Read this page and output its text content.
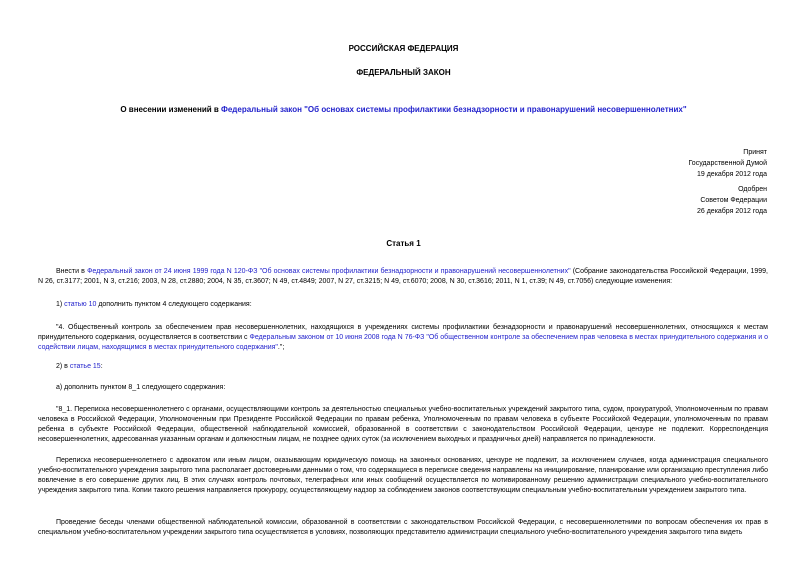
РОССИЙСКАЯ ФЕДЕРАЦИЯ
ФЕДЕРАЛЬНЫЙ ЗАКОН
О внесении изменений в Федеральный закон "Об основах системы профилактики безнадзорности и правонарушений несовершеннолетних"
Принят
Государственной Думой
19 декабря 2012 года
Одобрен
Советом Федерации
26 декабря 2012 года
Статья 1
Внести в Федеральный закон от 24 июня 1999 года N 120-ФЗ "Об основах системы профилактики безнадзорности и правонарушений несовершеннолетних" (Собрание законодательства Российской Федерации, 1999, N 26, ст.3177; 2001, N 3, ст.216; 2003, N 28, ст.2880; 2004, N 35, ст.3607; N 49, ст.4849; 2007, N 27, ст.3215; N 49, ст.6070; 2008, N 30, ст.3616; 2011, N 1, ст.39; N 49, ст.7056) следующие изменения:
1) статью 10 дополнить пунктом 4 следующего содержания:
"4. Общественный контроль за обеспечением прав несовершеннолетних, находящихся в учреждениях системы профилактики безнадзорности и правонарушений несовершеннолетних, относящихся к местам принудительного содержания, осуществляется в соответствии с Федеральным законом от 10 июня 2008 года N 76-ФЗ "Об общественном контроле за обеспечением прав человека в местах принудительного содержания и о содействии лицам, находящимся в местах принудительного содержания".";
2) в статье 15:
а) дополнить пунктом 8_1 следующего содержания:
"8_1. Переписка несовершеннолетнего с органами, осуществляющими контроль за деятельностью специальных учебно-воспитательных учреждений закрытого типа, судом, прокуратурой, Уполномоченным по правам человека в Российской Федерации, Уполномоченным при Президенте Российской Федерации по правам ребенка, Уполномоченным по правам человека в субъекте Российской Федерации, уполномоченным по правам ребенка в субъекте Российской Федерации, общественной наблюдательной комиссией, образованной в соответствии с законодательством Российской Федерации, цензуре не подлежит. Корреспонденция несовершеннолетних, адресованная указанным органам и должностным лицам, не позднее одних суток (за исключением выходных и праздничных дней) направляется по принадлежности.
Переписка несовершеннолетнего с адвокатом или иным лицом, оказывающим юридическую помощь на законных основаниях, цензуре не подлежит, за исключением случаев, когда администрация специального учебно-воспитательного учреждения закрытого типа располагает достоверными данными о том, что содержащиеся в переписке сведения направлены на инициирование, планирование или организацию преступления либо вовлечение в его совершение других лиц. В этих случаях контроль почтовых, телеграфных или иных сообщений осуществляется по мотивированному решению администрации специального учебно-воспитательного учреждения закрытого типа. Копии такого решения направляется прокурору, осуществляющему надзор за соблюдением законов соответствующим специальным учебно-воспитательным учреждением закрытого типа.
Проведение беседы членами общественной наблюдательной комиссии, образованной в соответствии с законодательством Российской Федерации, с несовершеннолетними по вопросам обеспечения их прав в специальном учебно-воспитательном учреждении закрытого типа осуществляется в условиях, позволяющих представителю администрации специального учебно-воспитательного учреждения закрытого типа видеть
